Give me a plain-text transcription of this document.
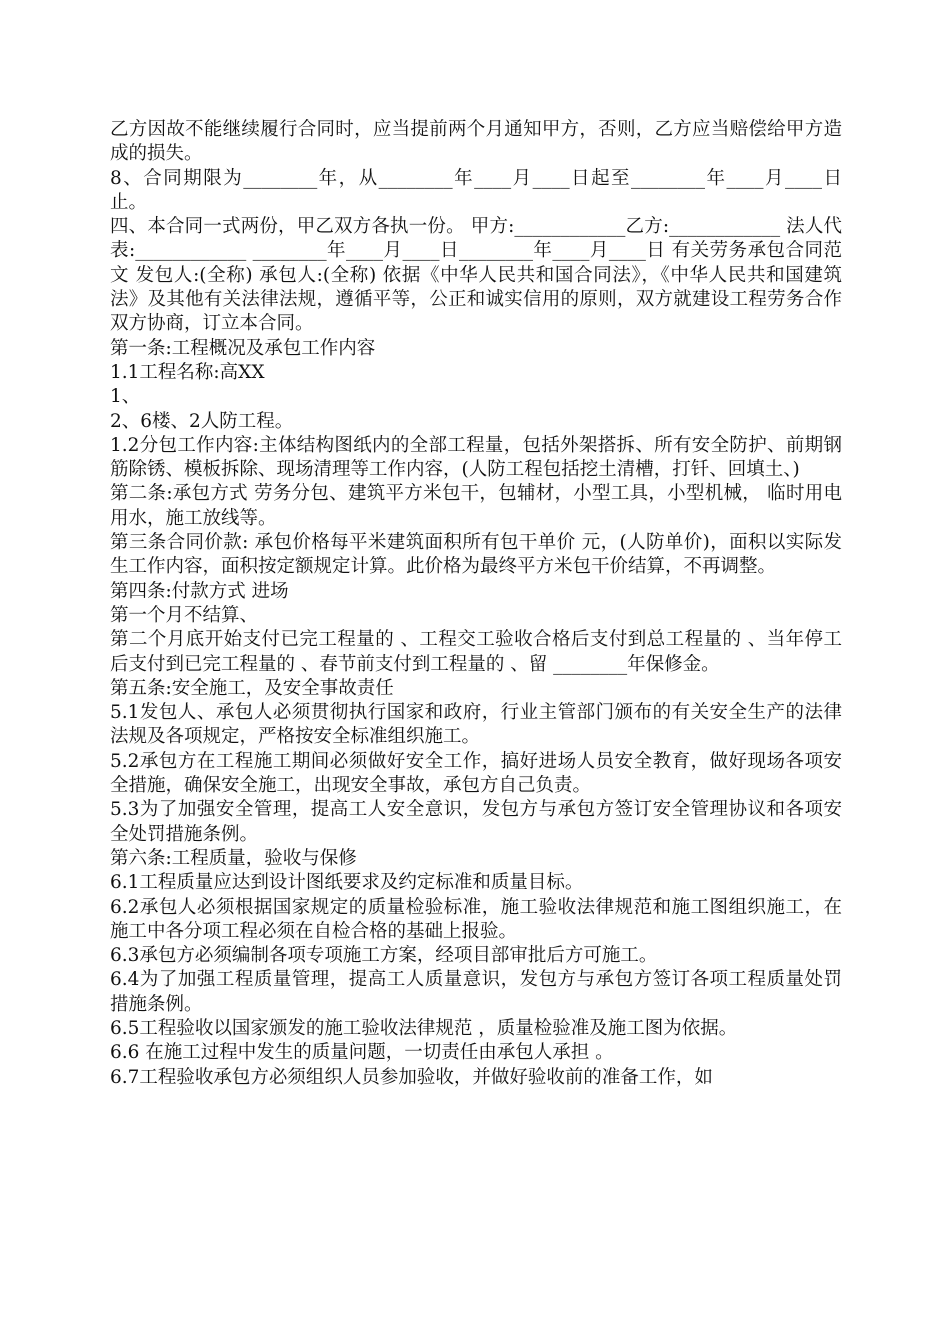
乙方因故不能继续履行合同时，应当提前两个月通知甲方，否则，乙方应当赔偿给甲方造成的损失。

8、合同期限为________年，从________年____月____日起至________年____月____日止。

四、本合同一式两份，甲乙双方各执一份。 甲方:____________乙方:____________ 法人代表:____________ ________年____月____日________年____月____日 有关劳务承包合同范文 发包人:(全称) 承包人:(全称) 依据《中华人民共和国合同法》，《中华人民共和国建筑法》及其他有关法律法规，遵循平等，公正和诚实信用的原则，双方就建设工程劳务合作双方协商，订立本合同。

第一条:工程概况及承包工作内容

1.1工程名称:高XX

1、

2、6楼、2人防工程。

1.2分包工作内容:主体结构图纸内的全部工程量，包括外架搭拆、所有安全防护、前期钢筋除锈、模板拆除、现场清理等工作内容，(人防工程包括挖土清槽，打钎、回填土、)

第二条:承包方式 劳务分包、建筑平方米包干，包辅材，小型工具，小型机械， 临时用电用水，施工放线等。

第三条合同价款: 承包价格每平米建筑面积所有包干单价 元，(人防单价)，面积以实际发生工作内容，面积按定额规定计算。此价格为最终平方米包干价结算，不再调整。

第四条:付款方式 进场

第一个月不结算、

第二个月底开始支付已完工程量的 、工程交工验收合格后支付到总工程量的 、当年停工后支付到已完工程量的 、春节前支付到工程量的 、留 ________年保修金。

第五条:安全施工，及安全事故责任

5.1发包人、承包人必须贯彻执行国家和政府，行业主管部门颁布的有关安全生产的法律法规及各项规定，严格按安全标准组织施工。

5.2承包方在工程施工期间必须做好安全工作，搞好进场人员安全教育，做好现场各项安全措施，确保安全施工，出现安全事故，承包方自己负责。

5.3为了加强安全管理，提高工人安全意识，发包方与承包方签订安全管理协议和各项安全处罚措施条例。

第六条:工程质量，验收与保修

6.1工程质量应达到设计图纸要求及约定标准和质量目标。

6.2承包人必须根据国家规定的质量检验标准，施工验收法律规范和施工图组织施工，在施工中各分项工程必须在自检合格的基础上报验。

6.3承包方必须编制各项专项施工方案，经项目部审批后方可施工。

6.4为了加强工程质量管理，提高工人质量意识，发包方与承包方签订各项工程质量处罚措施条例。

6.5工程验收以国家颁发的施工验收法律规范 ，质量检验准及施工图为依据。

6.6 在施工过程中发生的质量问题，一切责任由承包人承担 。

6.7工程验收承包方必须组织人员参加验收，并做好验收前的准备工作，如
